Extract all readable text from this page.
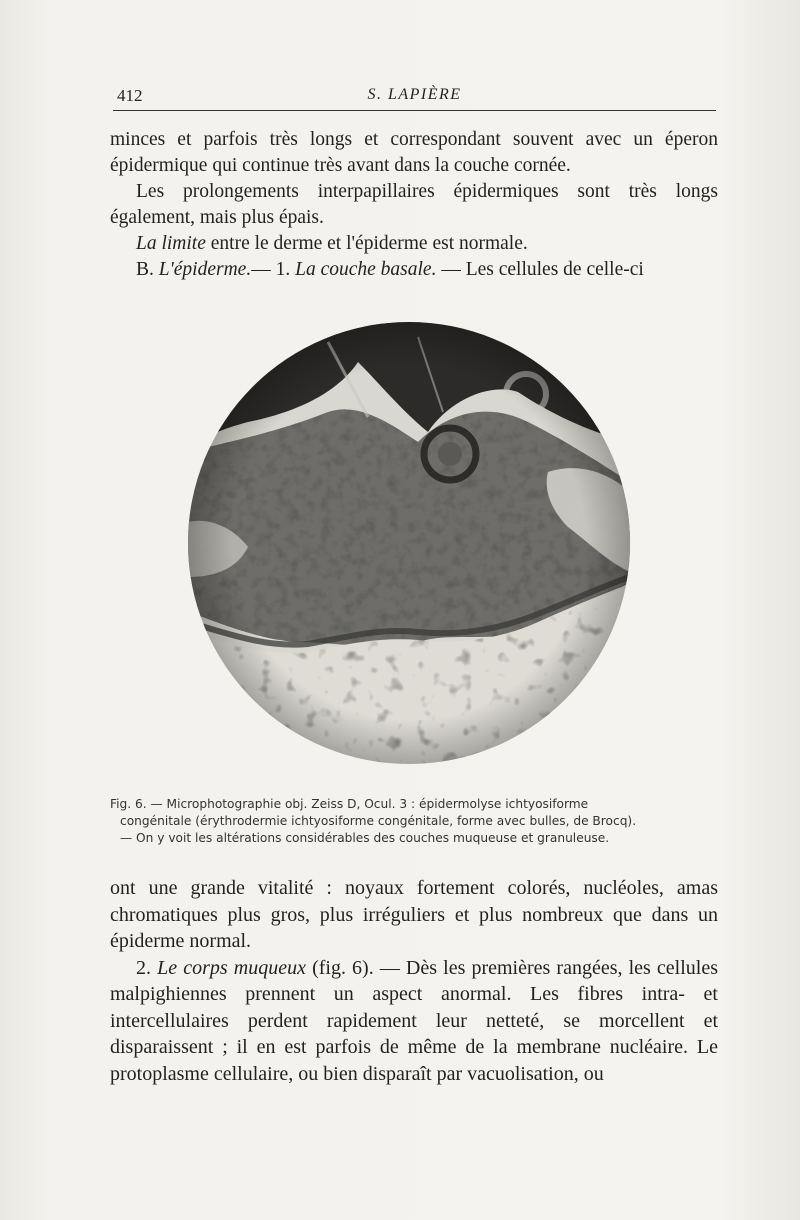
412	S. LAPIÈRE

minces et parfois très longs et correspondant souvent avec un éperon épidermique qui continue très avant dans la couche cornée.

Les prolongements interpapillaires épidermiques sont très longs également, mais plus épais.

La limite entre le derme et l'épiderme est normale.

B. L'épiderme.— 1. La couche basale. — Les cellules de celle-ci

Fig. 6. — Microphotographie obj. Zeiss D, Ocul. 3 : épidermolyse ichtyosiforme

congénitale (érythrodermie ichtyosiforme congénitale, forme avec bulles, de Brocq).

— On y voit les altérations considérables des couches muqueuse et granuleuse.

ont une grande vitalité : noyaux fortement colorés, nucléoles, amas chromatiques plus gros, plus irréguliers et plus nombreux que dans un épiderme normal.

2. Le corps muqueux (fig. 6). — Dès les premières rangées, les cellules malpighiennes prennent un aspect anormal. Les fibres intra- et intercellulaires perdent rapidement leur netteté, se morcellent et disparaissent ; il en est parfois de même de la membrane nucléaire. Le protoplasme cellulaire, ou bien disparaît par vacuolisation, ou
